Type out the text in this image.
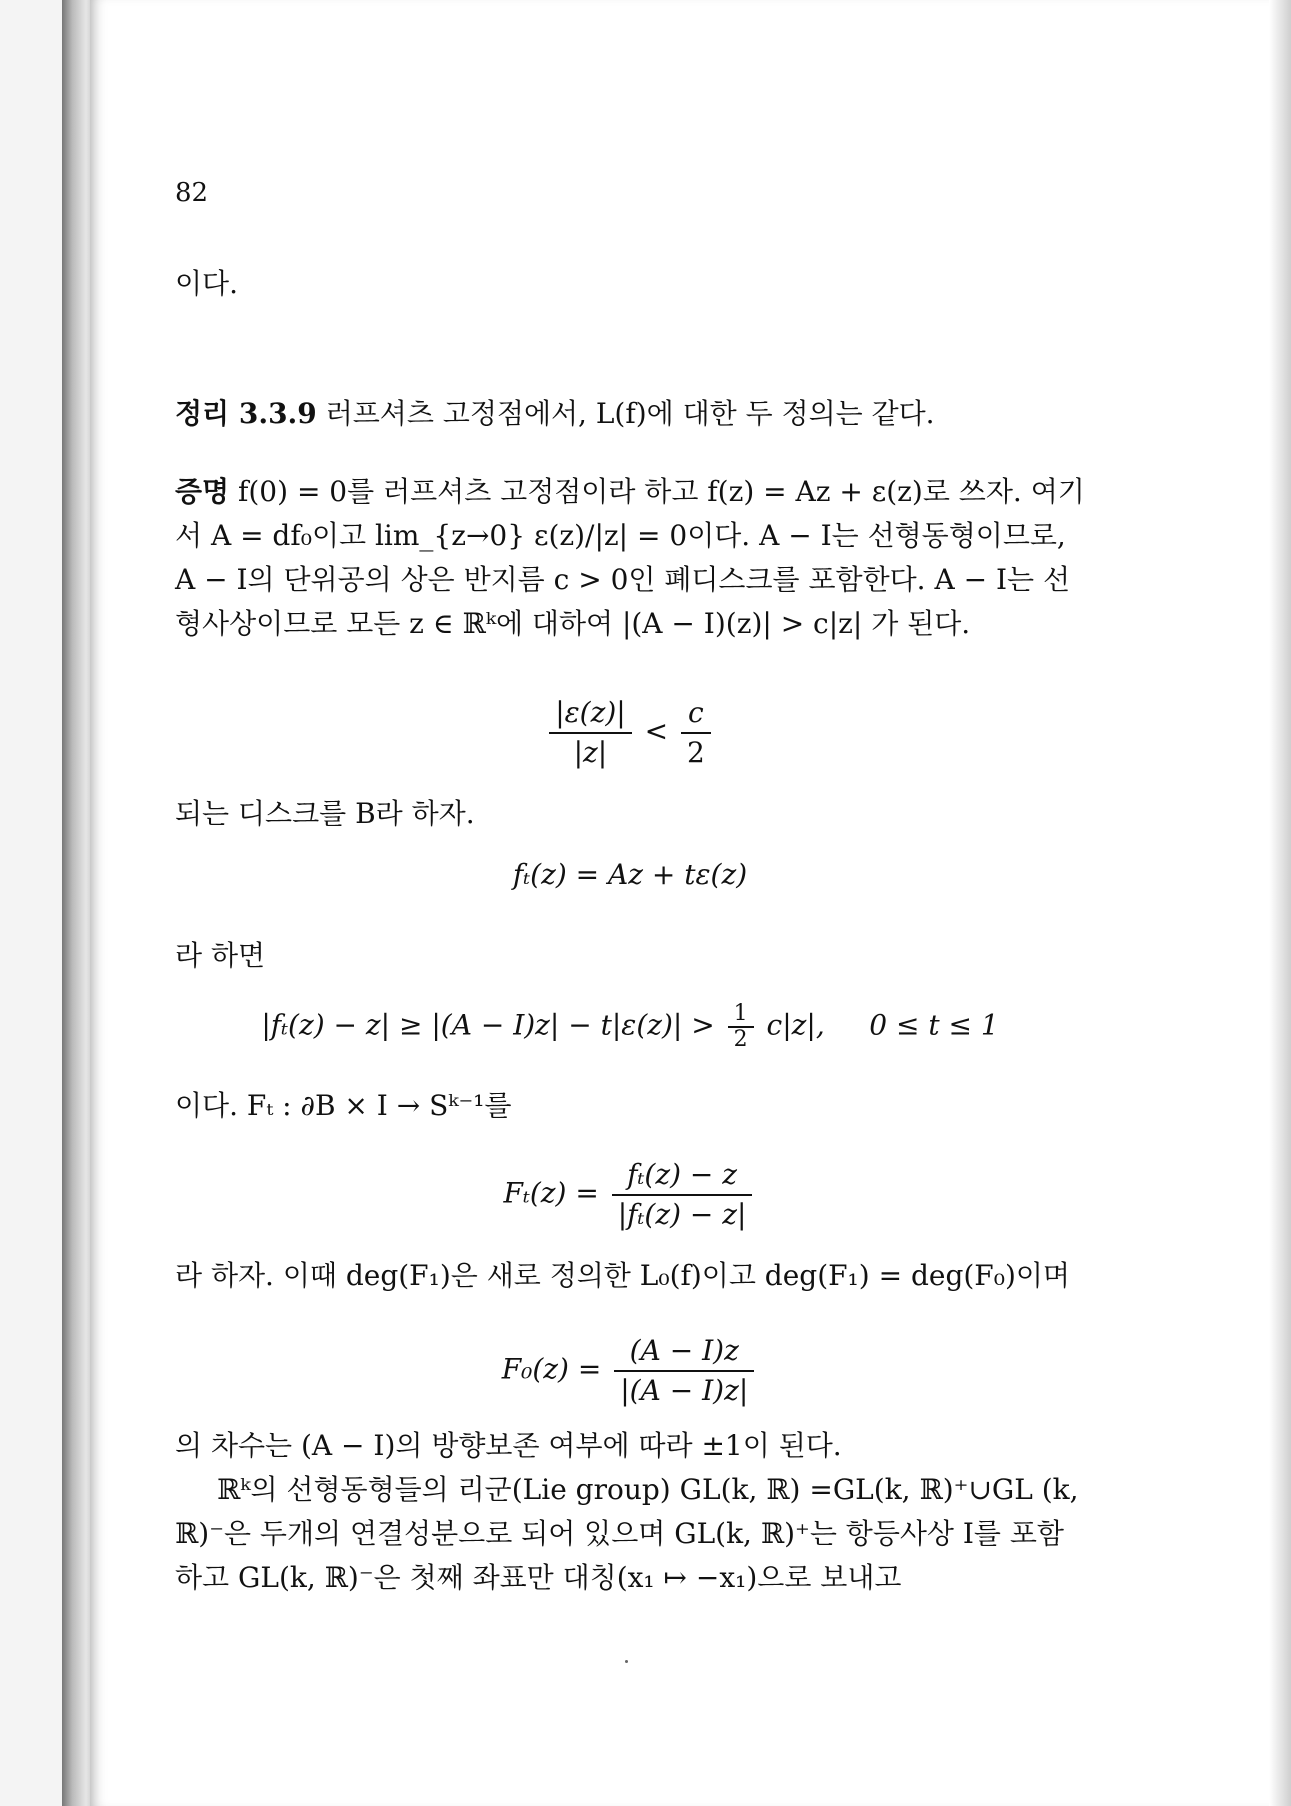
82
이다.
정리 3.3.9 러프셔츠 고정점에서, L(f)에 대한 두 정의는 같다.
증명 f(0) = 0를 러프셔츠 고정점이라 하고 f(z) = Az + ε(z)로 쓰자. 여기서 A = df₀이고 lim_{z→0} ε(z)/|z| = 0이다. A − I는 선형동형이므로, A − I의 단위공의 상은 반지름 c > 0인 폐디스크를 포함한다. A − I는 선형사상이므로 모든 z ∈ ℝᵏ에 대하여 |(A − I)(z)| > c|z| 가 된다.
$\frac{|\varepsilon(z)|}{|z|} < \frac{c}{2}$
되는 디스크를 B라 하자.
fₜ(z) = Az + tε(z)
라 하면
$|f_t(z) - z| \ge |(A - I)z| - t|\varepsilon(z)| > \frac{1}{2} c|z|$,     0 ≤ t ≤ 1
이다. Fₜ : ∂B × I → Sᵏ⁻¹를
$F_t(z) = \frac{\text{fₜ(z) − z}}{\text{|fₜ(z) − z|}}$
라 하자. 이때 deg(F₁)은 새로 정의한 L₀(f)이고 deg(F₁) = deg(F₀)이며
$F_0(z) = \frac{(A - I)z}{|(A - I)z|}$
의 차수는 (A − I)의 방향보존 여부에 따라 ±1이 된다.
ℝᵏ의 선형동형들의 리군(Lie group) GL(k, ℝ) =GL(k, ℝ)⁺∪GL (k, ℝ)⁻은 두개의 연결성분으로 되어 있으며 GL(k, ℝ)⁺는 항등사상 I를 포함하고 GL(k, ℝ)⁻은 첫째 좌표만 대칭(x₁ ↦ −x₁)으로 보내고
